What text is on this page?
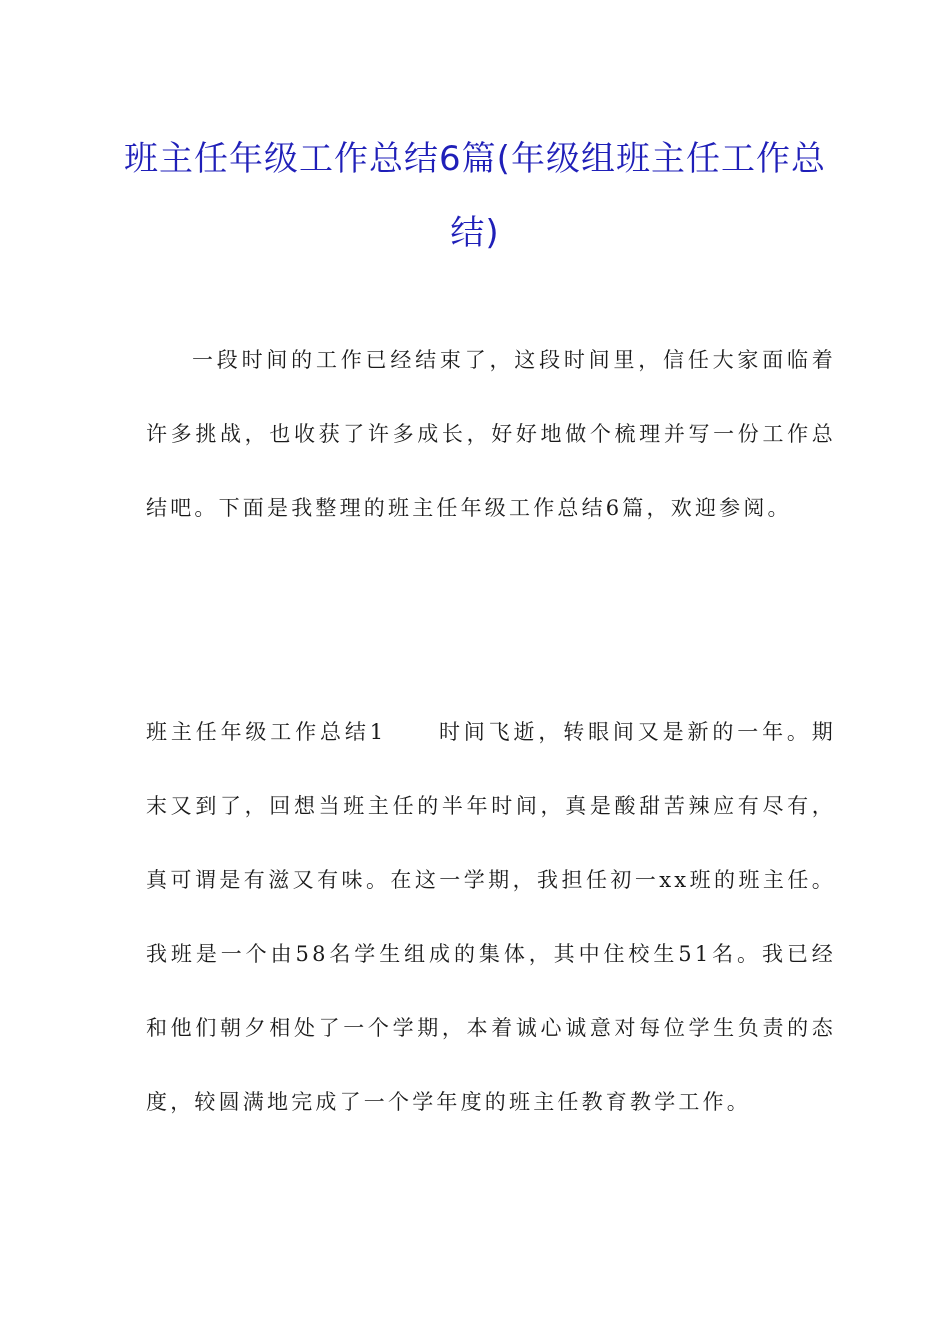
班主任年级工作总结6篇(年级组班主任工作总结)

一段时间的工作已经结束了，这段时间里，信任大家面临着许多挑战，也收获了许多成长，好好地做个梳理并写一份工作总结吧。下面是我整理的班主任年级工作总结6篇，欢迎参阅。

班主任年级工作总结1 时间飞逝，转眼间又是新的一年。期末又到了，回想当班主任的半年时间，真是酸甜苦辣应有尽有，真可谓是有滋又有味。在这一学期，我担任初一xx班的班主任。我班是一个由58名学生组成的集体，其中住校生51名。我已经和他们朝夕相处了一个学期，本着诚心诚意对每位学生负责的态度，较圆满地完成了一个学年度的班主任教育教学工作。
